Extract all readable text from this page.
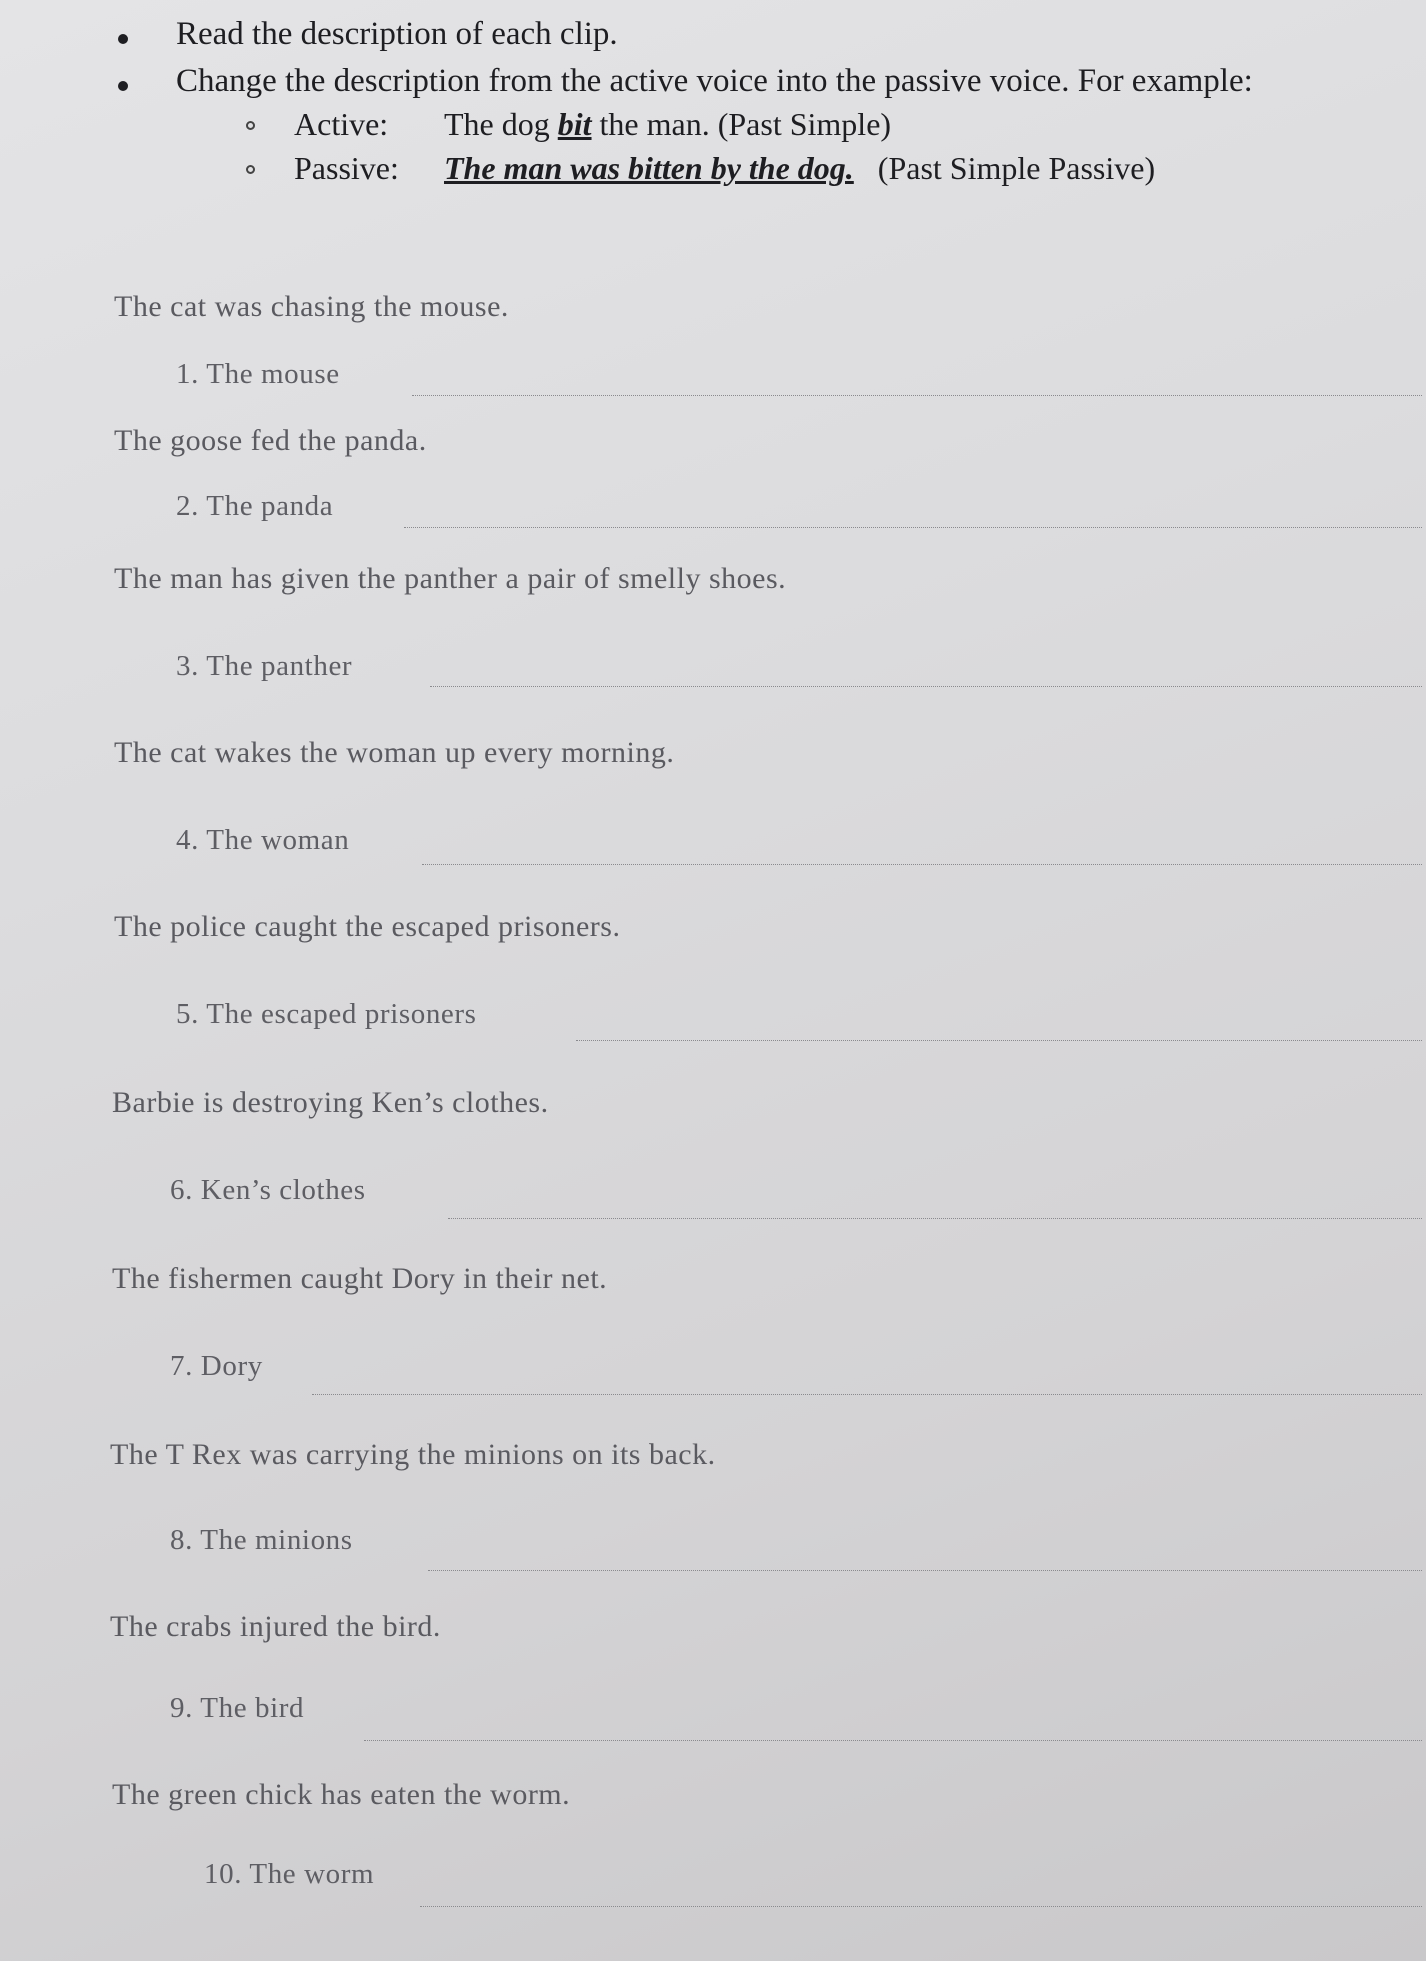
Read the description of each clip.
Change the description from the active voice into the passive voice. For example:
Active: The dog bit the man. (Past Simple)
Passive: The man was bitten by the dog. (Past Simple Passive)
The cat was chasing the mouse.
1. The mouse
The goose fed the panda.
2. The panda
The man has given the panther a pair of smelly shoes.
3. The panther
The cat wakes the woman up every morning.
4. The woman
The police caught the escaped prisoners.
5. The escaped prisoners
Barbie is destroying Ken’s clothes.
6. Ken’s clothes
The fishermen caught Dory in their net.
7. Dory
The T Rex was carrying the minions on its back.
8. The minions
The crabs injured the bird.
9. The bird
The green chick has eaten the worm.
10. The worm
